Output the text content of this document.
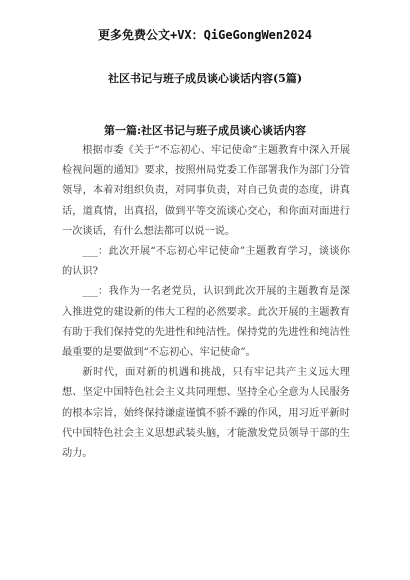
更多免费公文+VX：QiGeGongWen2024
社区书记与班子成员谈心谈话内容(5篇)
第一篇:社区书记与班子成员谈心谈话内容

根据市委《关于“不忘初心、牢记使命”主题教育中深入开展检视问题的通知》要求，按照州局党委工作部署我作为部门分管领导，本着对组织负责，对同事负责，对自己负责的态度，讲真话，道真情，出真招，做到平等交流谈心交心，和你面对面进行一次谈话，有什么想法都可以说一说。

___：此次开展“不忘初心牢记使命”主题教育学习，谈谈你的认识?

___：我作为一名老党员，认识到此次开展的主题教育是深入推进党的建设新的伟大工程的必然要求。此次开展的主题教育有助于我们保持党的先进性和纯洁性。保持党的先进性和纯洁性最重要的是要做到“不忘初心、牢记使命”。

新时代，面对新的机遇和挑战，只有牢记共产主义远大理想、坚定中国特色社会主义共同理想、坚持全心全意为人民服务的根本宗旨，始终保持谦虚谨慎不骄不躁的作风，用习近平新时代中国特色社会主义思想武装头脑，才能激发党员领导干部的生动力。
